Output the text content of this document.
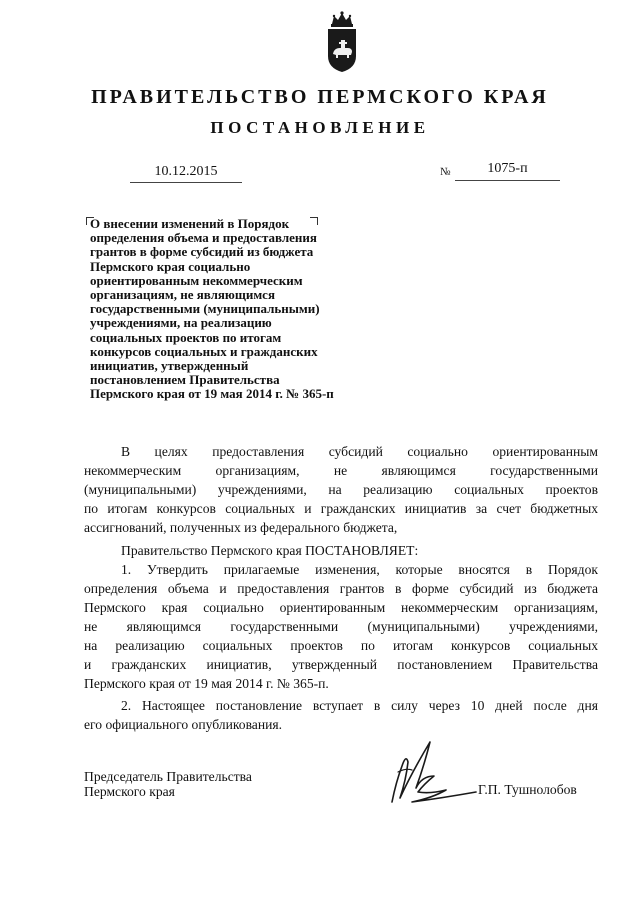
ПРАВИТЕЛЬСТВО ПЕРМСКОГО КРАЯ
ПОСТАНОВЛЕНИЕ
10.12.2015	№	1075-п
О внесении изменений в Порядок
определения объема и предоставления
грантов в форме субсидий из бюджета
Пермского края социально
ориентированным некоммерческим
организациям, не являющимся
государственными (муниципальными)
учреждениями, на реализацию
социальных проектов по итогам
конкурсов социальных и гражданских
инициатив, утвержденный
постановлением Правительства
Пермского края от 19 мая 2014 г. № 365-п
В целях предоставления субсидий социально ориентированным
некоммерческим организациям, не являющимся государственными
(муниципальными) учреждениями, на реализацию социальных проектов
по итогам конкурсов социальных и гражданских инициатив за счет бюджетных
ассигнований, полученных из федерального бюджета,
Правительство Пермского края ПОСТАНОВЛЯЕТ:
1. Утвердить прилагаемые изменения, которые вносятся в Порядок
определения объема и предоставления грантов в форме субсидий из бюджета
Пермского края социально ориентированным некоммерческим организациям,
не являющимся государственными (муниципальными) учреждениями,
на реализацию социальных проектов по итогам конкурсов социальных
и гражданских инициатив, утвержденный постановлением Правительства
Пермского края от 19 мая 2014 г. № 365-п.
2. Настоящее постановление вступает в силу через 10 дней после дня
его официального опубликования.
Председатель Правительства
Пермского края	Г.П. Тушнолобов
